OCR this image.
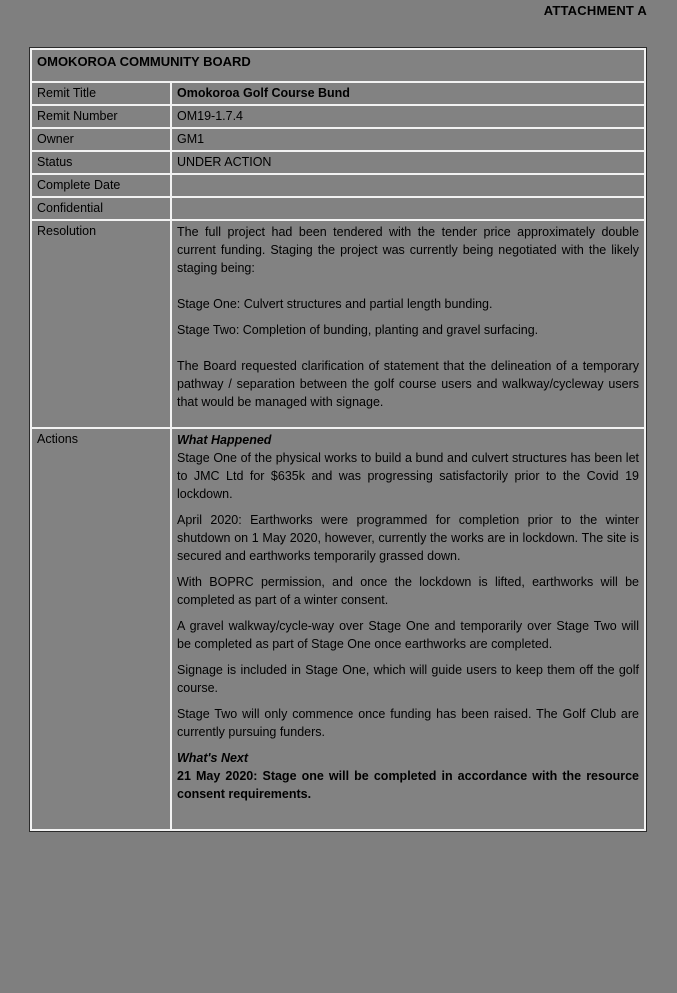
ATTACHMENT A
OMOKOROA COMMUNITY BOARD	
Remit Title	Omokoroa Golf Course Bund
Remit Number	OM19-1.7.4
Owner	GM1
Status	UNDER ACTION
Complete Date	
Confidential	
Resolution	The full project had been tendered with the tender price approximately double current funding. Staging the project was currently being negotiated with the likely staging being:

Stage One: Culvert structures and partial length bunding.

Stage Two: Completion of bunding, planting and gravel surfacing.

The Board requested clarification of statement that the delineation of a temporary pathway / separation between the golf course users and walkway/cycleway users that would be managed with signage.

Actions	What Happened

Stage One of the physical works to build a bund and culvert structures has been let to JMC Ltd for $635k and was progressing satisfactorily prior to the Covid 19 lockdown.

April 2020: Earthworks were programmed for completion prior to the winter shutdown on 1 May 2020, however, currently the works are in lockdown. The site is secured and earthworks temporarily grassed down.

With BOPRC permission, and once the lockdown is lifted, earthworks will be completed as part of a winter consent.

A gravel walkway/cycle-way over Stage One and temporarily over Stage Two will be completed as part of Stage One once earthworks are completed.

Signage is included in Stage One, which will guide users to keep them off the golf course.

Stage Two will only commence once funding has been raised. The Golf Club are currently pursuing funders.

What's Next

21 May 2020: Stage one will be completed in accordance with the resource consent requirements.
